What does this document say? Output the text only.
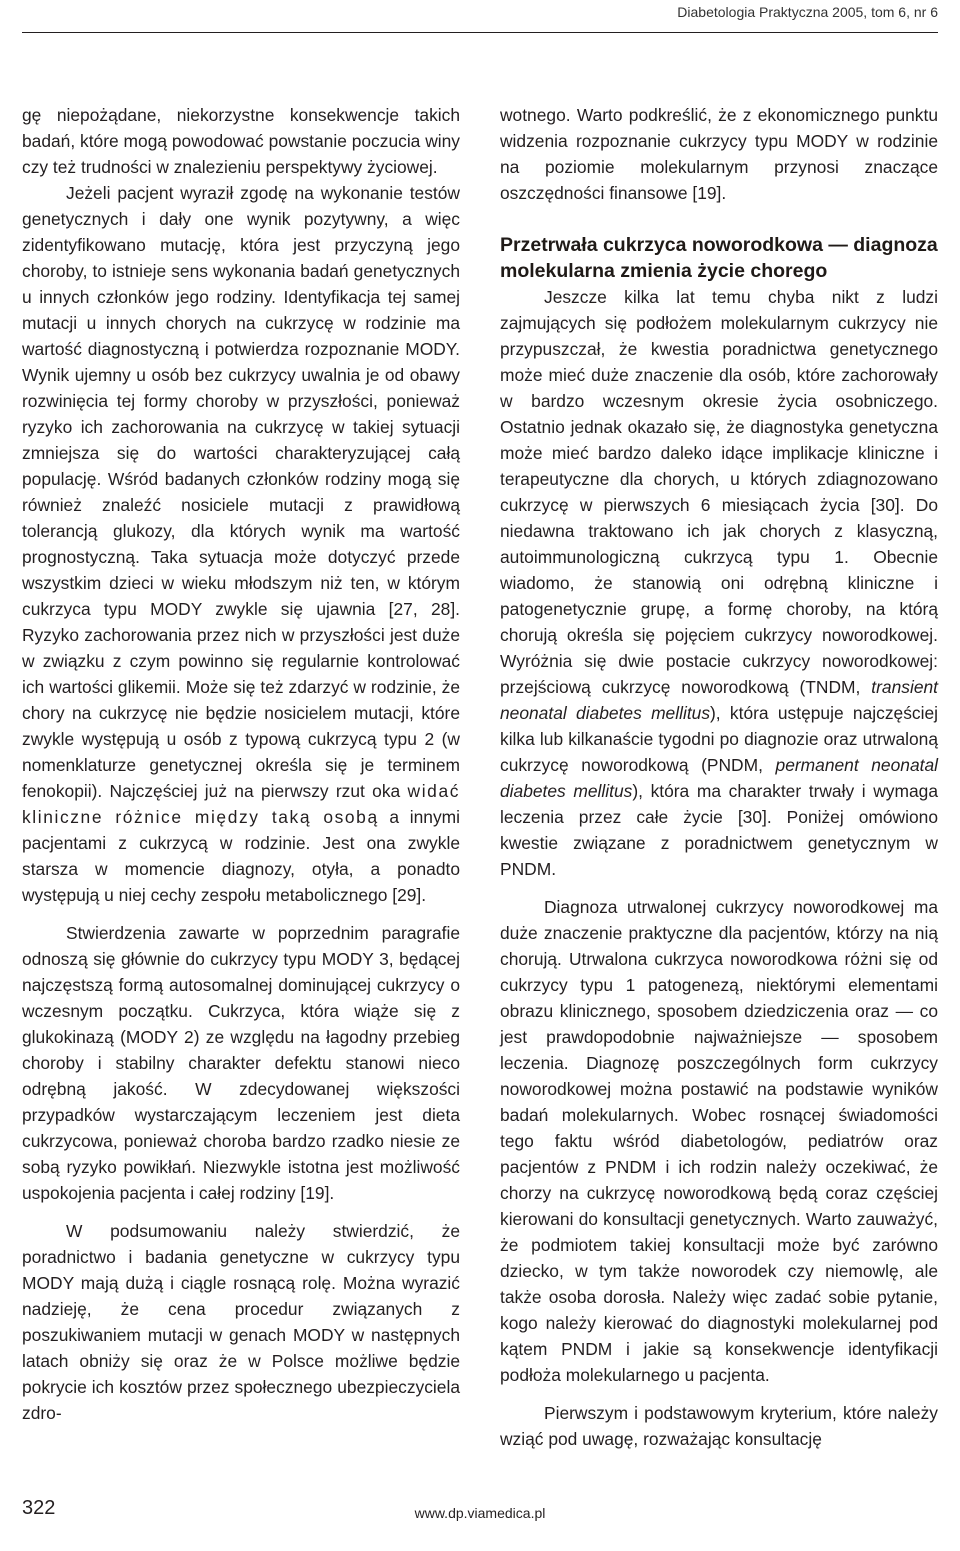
Diabetologia Praktyczna 2005, tom 6, nr 6

gę niepożądane, niekorzystne konsekwencje takich badań, które mogą powodować powstanie poczucia winy czy też trudności w znalezieniu perspektywy życiowej.

Jeżeli pacjent wyraził zgodę na wykonanie testów genetycznych i dały one wynik pozytywny, a więc zidentyfikowano mutację, która jest przyczyną jego choroby, to istnieje sens wykonania badań genetycznych u innych członków jego rodziny. Identyfikacja tej samej mutacji u innych chorych na cukrzycę w rodzinie ma wartość diagnostyczną i potwierdza rozpoznanie MODY. Wynik ujemny u osób bez cukrzycy uwalnia je od obawy rozwinięcia tej formy choroby w przyszłości, ponieważ ryzyko ich zachorowania na cukrzycę w takiej sytuacji zmniejsza się do wartości charakteryzującej całą populację. Wśród badanych członków rodziny mogą się również znaleźć nosiciele mutacji z prawidłową tolerancją glukozy, dla których wynik ma wartość prognostyczną. Taka sytuacja może dotyczyć przede wszystkim dzieci w wieku młodszym niż ten, w którym cukrzyca typu MODY zwykle się ujawnia [27, 28]. Ryzyko zachorowania przez nich w przyszłości jest duże w związku z czym powinno się regularnie kontrolować ich wartości glikemii. Może się też zdarzyć w rodzinie, że chory na cukrzycę nie będzie nosicielem mutacji, które zwykle występują u osób z typową cukrzycą typu 2 (w nomenklaturze genetycznej określa się je terminem fenokopii). Najczęściej już na pierwszy rzut oka widać kliniczne różnice między taką osobą a innymi pacjentami z cukrzycą w rodzinie. Jest ona zwykle starsza w momencie diagnozy, otyła, a ponadto występują u niej cechy zespołu metabolicznego [29].

Stwierdzenia zawarte w poprzednim paragrafie odnoszą się głównie do cukrzycy typu MODY 3, będącej najczęstszą formą autosomalnej dominującej cukrzycy o wczesnym początku. Cukrzyca, która wiąże się z glukokinazą (MODY 2) ze względu na łagodny przebieg choroby i stabilny charakter defektu stanowi nieco odrębną jakość. W zdecydowanej większości przypadków wystarczającym leczeniem jest dieta cukrzycowa, ponieważ choroba bardzo rzadko niesie ze sobą ryzyko powikłań. Niezwykle istotna jest możliwość uspokojenia pacjenta i całej rodziny [19].

W podsumowaniu należy stwierdzić, że poradnictwo i badania genetyczne w cukrzycy typu MODY mają dużą i ciągle rosnącą rolę. Można wyrazić nadzieję, że cena procedur związanych z poszukiwaniem mutacji w genach MODY w następnych latach obniży się oraz że w Polsce możliwe będzie pokrycie ich kosztów przez społecznego ubezpieczyciela zdro-

wotnego. Warto podkreślić, że z ekonomicznego punktu widzenia rozpoznanie cukrzycy typu MODY w rodzinie na poziomie molekularnym przynosi znaczące oszczędności finansowe [19].

Przetrwała cukrzyca noworodkowa — diagnoza molekularna zmienia życie chorego

Jeszcze kilka lat temu chyba nikt z ludzi zajmujących się podłożem molekularnym cukrzycy nie przypuszczał, że kwestia poradnictwa genetycznego może mieć duże znaczenie dla osób, które zachorowały w bardzo wczesnym okresie życia osobniczego. Ostatnio jednak okazało się, że diagnostyka genetyczna może mieć bardzo daleko idące implikacje kliniczne i terapeutyczne dla chorych, u których zdiagnozowano cukrzycę w pierwszych 6 miesiącach życia [30]. Do niedawna traktowano ich jak chorych z klasyczną, autoimmunologiczną cukrzycą typu 1. Obecnie wiadomo, że stanowią oni odrębną kliniczne i patogenetycznie grupę, a formę choroby, na którą chorują określa się pojęciem cukrzycy noworodkowej. Wyróżnia się dwie postacie cukrzycy noworodkowej: przejściową cukrzycę noworodkową (TNDM, transient neonatal diabetes mellitus), która ustępuje najczęściej kilka lub kilkanaście tygodni po diagnozie oraz utrwaloną cukrzycę noworodkową (PNDM, permanent neonatal diabetes mellitus), która ma charakter trwały i wymaga leczenia przez całe życie [30]. Poniżej omówiono kwestie związane z poradnictwem genetycznym w PNDM.

Diagnoza utrwalonej cukrzycy noworodkowej ma duże znaczenie praktyczne dla pacjentów, którzy na nią chorują. Utrwalona cukrzyca noworodkowa różni się od cukrzycy typu 1 patogenezą, niektórymi elementami obrazu klinicznego, sposobem dziedziczenia oraz — co jest prawdopodobnie najważniejsze — sposobem leczenia. Diagnozę poszczególnych form cukrzycy noworodkowej można postawić na podstawie wyników badań molekularnych. Wobec rosnącej świadomości tego faktu wśród diabetologów, pediatrów oraz pacjentów z PNDM i ich rodzin należy oczekiwać, że chorzy na cukrzycę noworodkową będą coraz częściej kierowani do konsultacji genetycznych. Warto zauważyć, że podmiotem takiej konsultacji może być zarówno dziecko, w tym także noworodek czy niemowlę, ale także osoba dorosła. Należy więc zadać sobie pytanie, kogo należy kierować do diagnostyki molekularnej pod kątem PNDM i jakie są konsekwencje identyfikacji podłoża molekularnego u pacjenta.

Pierwszym i podstawowym kryterium, które należy wziąć pod uwagę, rozważając konsultację

322	www.dp.viamedica.pl
